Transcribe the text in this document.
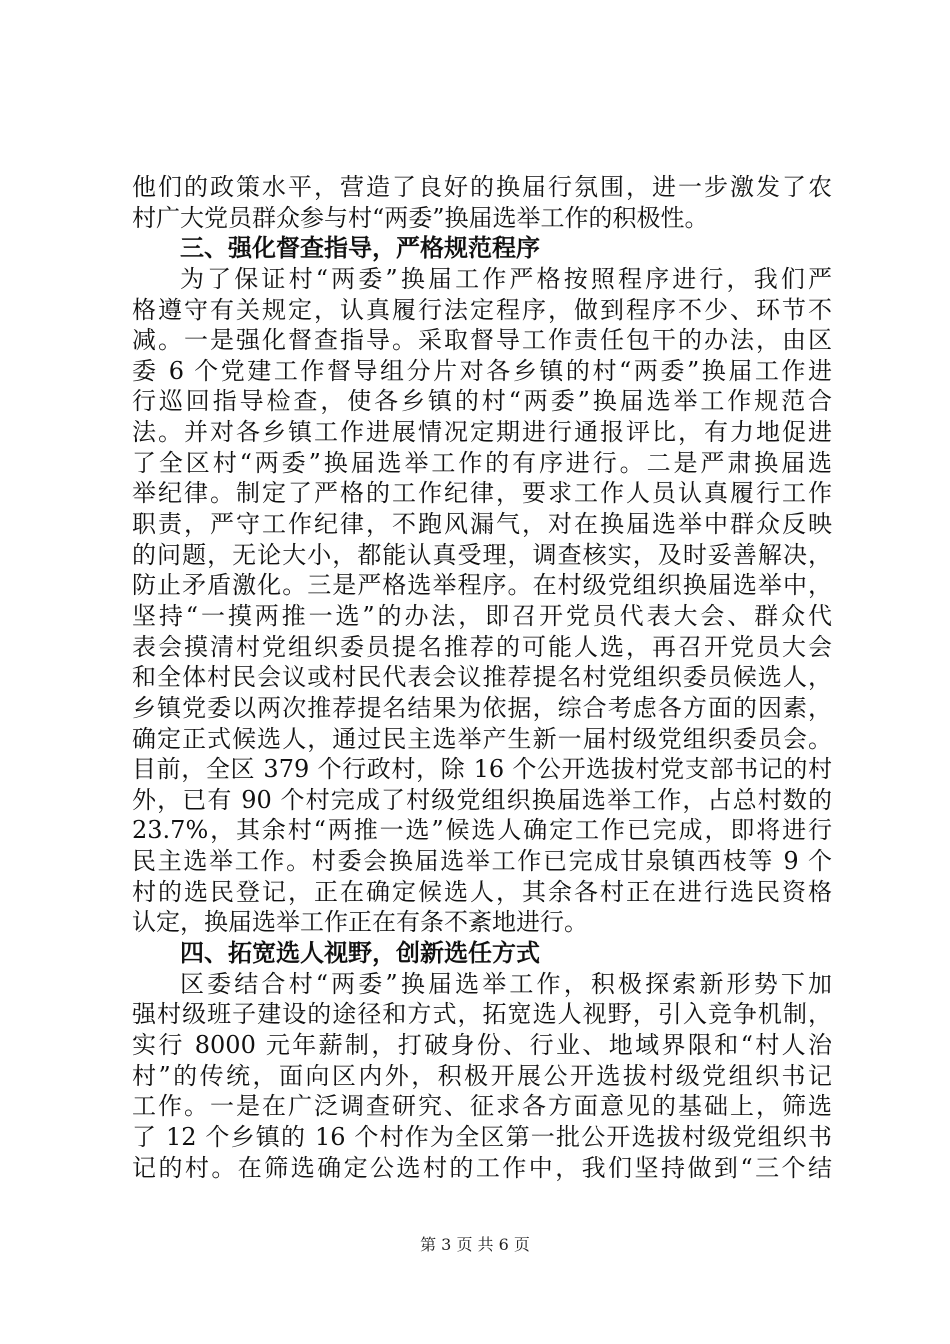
他们的政策水平，营造了良好的换届行氛围，进一步激发了农
村广大党员群众参与村“两委”换届选举工作的积极性。
三、强化督查指导，严格规范程序
为了保证村“两委”换届工作严格按照程序进行，我们严
格遵守有关规定，认真履行法定程序，做到程序不少、环节不
减。一是强化督查指导。采取督导工作责任包干的办法，由区
委 6 个党建工作督导组分片对各乡镇的村“两委”换届工作进
行巡回指导检查，使各乡镇的村“两委”换届选举工作规范合
法。并对各乡镇工作进展情况定期进行通报评比，有力地促进
了全区村“两委”换届选举工作的有序进行。二是严肃换届选
举纪律。制定了严格的工作纪律，要求工作人员认真履行工作
职责，严守工作纪律，不跑风漏气，对在换届选举中群众反映
的问题，无论大小，都能认真受理，调查核实，及时妥善解决，
防止矛盾激化。三是严格选举程序。在村级党组织换届选举中，
坚持“一摸两推一选”的办法，即召开党员代表大会、群众代
表会摸清村党组织委员提名推荐的可能人选，再召开党员大会
和全体村民会议或村民代表会议推荐提名村党组织委员候选人，
乡镇党委以两次推荐提名结果为依据，综合考虑各方面的因素，
确定正式候选人，通过民主选举产生新一届村级党组织委员会。
目前，全区 379 个行政村，除 16 个公开选拔村党支部书记的村
外，已有 90 个村完成了村级党组织换届选举工作，占总村数的
23.7%，其余村“两推一选”候选人确定工作已完成，即将进行
民主选举工作。村委会换届选举工作已完成甘泉镇西枝等 9 个
村的选民登记，正在确定候选人，其余各村正在进行选民资格
认定，换届选举工作正在有条不紊地进行。
四、拓宽选人视野，创新选任方式
区委结合村“两委”换届选举工作，积极探索新形势下加
强村级班子建设的途径和方式，拓宽选人视野，引入竞争机制，
实行 8000 元年薪制，打破身份、行业、地域界限和“村人治
村”的传统，面向区内外，积极开展公开选拔村级党组织书记
工作。一是在广泛调查研究、征求各方面意见的基础上，筛选
了 12 个乡镇的 16 个村作为全区第一批公开选拔村级党组织书
记的村。在筛选确定公选村的工作中，我们坚持做到“三个结
第 3 页 共 6 页
